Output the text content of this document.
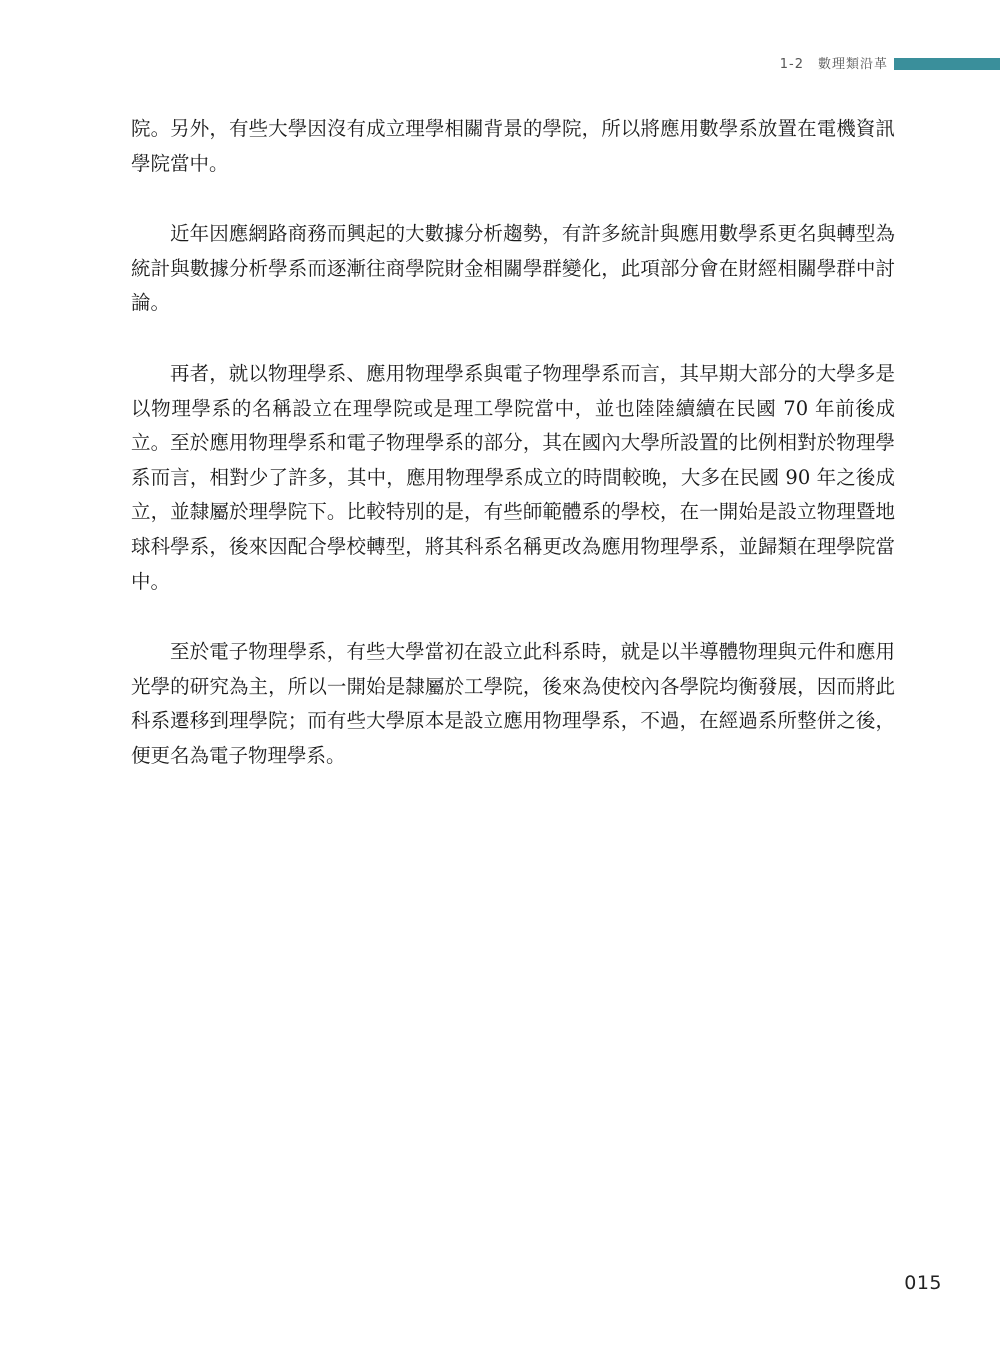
1-2　數理類沿革

院。另外，有些大學因沒有成立理學相關背景的學院，所以將應用數學系放置在電機資訊學院當中。

近年因應網路商務而興起的大數據分析趨勢，有許多統計與應用數學系更名與轉型為統計與數據分析學系而逐漸往商學院財金相關學群變化，此項部分會在財經相關學群中討論。

再者，就以物理學系、應用物理學系與電子物理學系而言，其早期大部分的大學多是以物理學系的名稱設立在理學院或是理工學院當中，並也陸陸續續在民國 70 年前後成立。至於應用物理學系和電子物理學系的部分，其在國內大學所設置的比例相對於物理學系而言，相對少了許多，其中，應用物理學系成立的時間較晚，大多在民國 90 年之後成立，並隸屬於理學院下。比較特別的是，有些師範體系的學校，在一開始是設立物理暨地球科學系，後來因配合學校轉型，將其科系名稱更改為應用物理學系，並歸類在理學院當中。

至於電子物理學系，有些大學當初在設立此科系時，就是以半導體物理與元件和應用光學的研究為主，所以一開始是隸屬於工學院，後來為使校內各學院均衡發展，因而將此科系遷移到理學院；而有些大學原本是設立應用物理學系，不過，在經過系所整併之後，便更名為電子物理學系。

015
